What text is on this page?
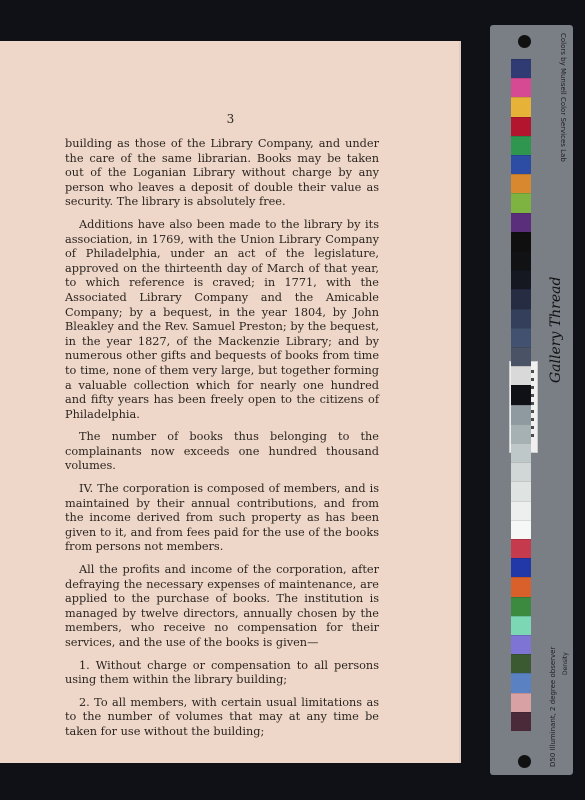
3

building as those of the Library Company, and under the care of the same librarian. Books may be taken out of the Loganian Library without charge by any person who leaves a deposit of double their value as security. The library is absolutely free.

Additions have also been made to the library by its association, in 1769, with the Union Library Company of Philadelphia, under an act of the legislature, approved on the thirteenth day of March of that year, to which reference is craved; in 1771, with the Associated Library Company and the Amicable Company; by a bequest, in the year 1804, by John Bleakley and the Rev. Samuel Preston; by the bequest, in the year 1827, of the Mackenzie Library; and by numerous other gifts and bequests of books from time to time, none of them very large, but together forming a valuable collection which for nearly one hundred and fifty years has been freely open to the citizens of Philadelphia.

The number of books thus belonging to the complainants now exceeds one hundred thousand volumes.

IV. The corporation is composed of members, and is maintained by their annual contributions, and from the income derived from such property as has been given to it, and from fees paid for the use of the books from persons not members.

All the profits and income of the corporation, after defraying the necessary expenses of maintenance, are applied to the purchase of books. The institution is managed by twelve directors, annually chosen by the members, who receive no compensation for their services, and the use of the books is given—

1. Without charge or compensation to all persons using them within the library building;

2. To all members, with certain usual limitations as to the number of volumes that may at any time be taken for use without the building;

Colors by Munsell Color Services Lab
D50 Illuminant, 2 degree observer Density
Gallery Thread
